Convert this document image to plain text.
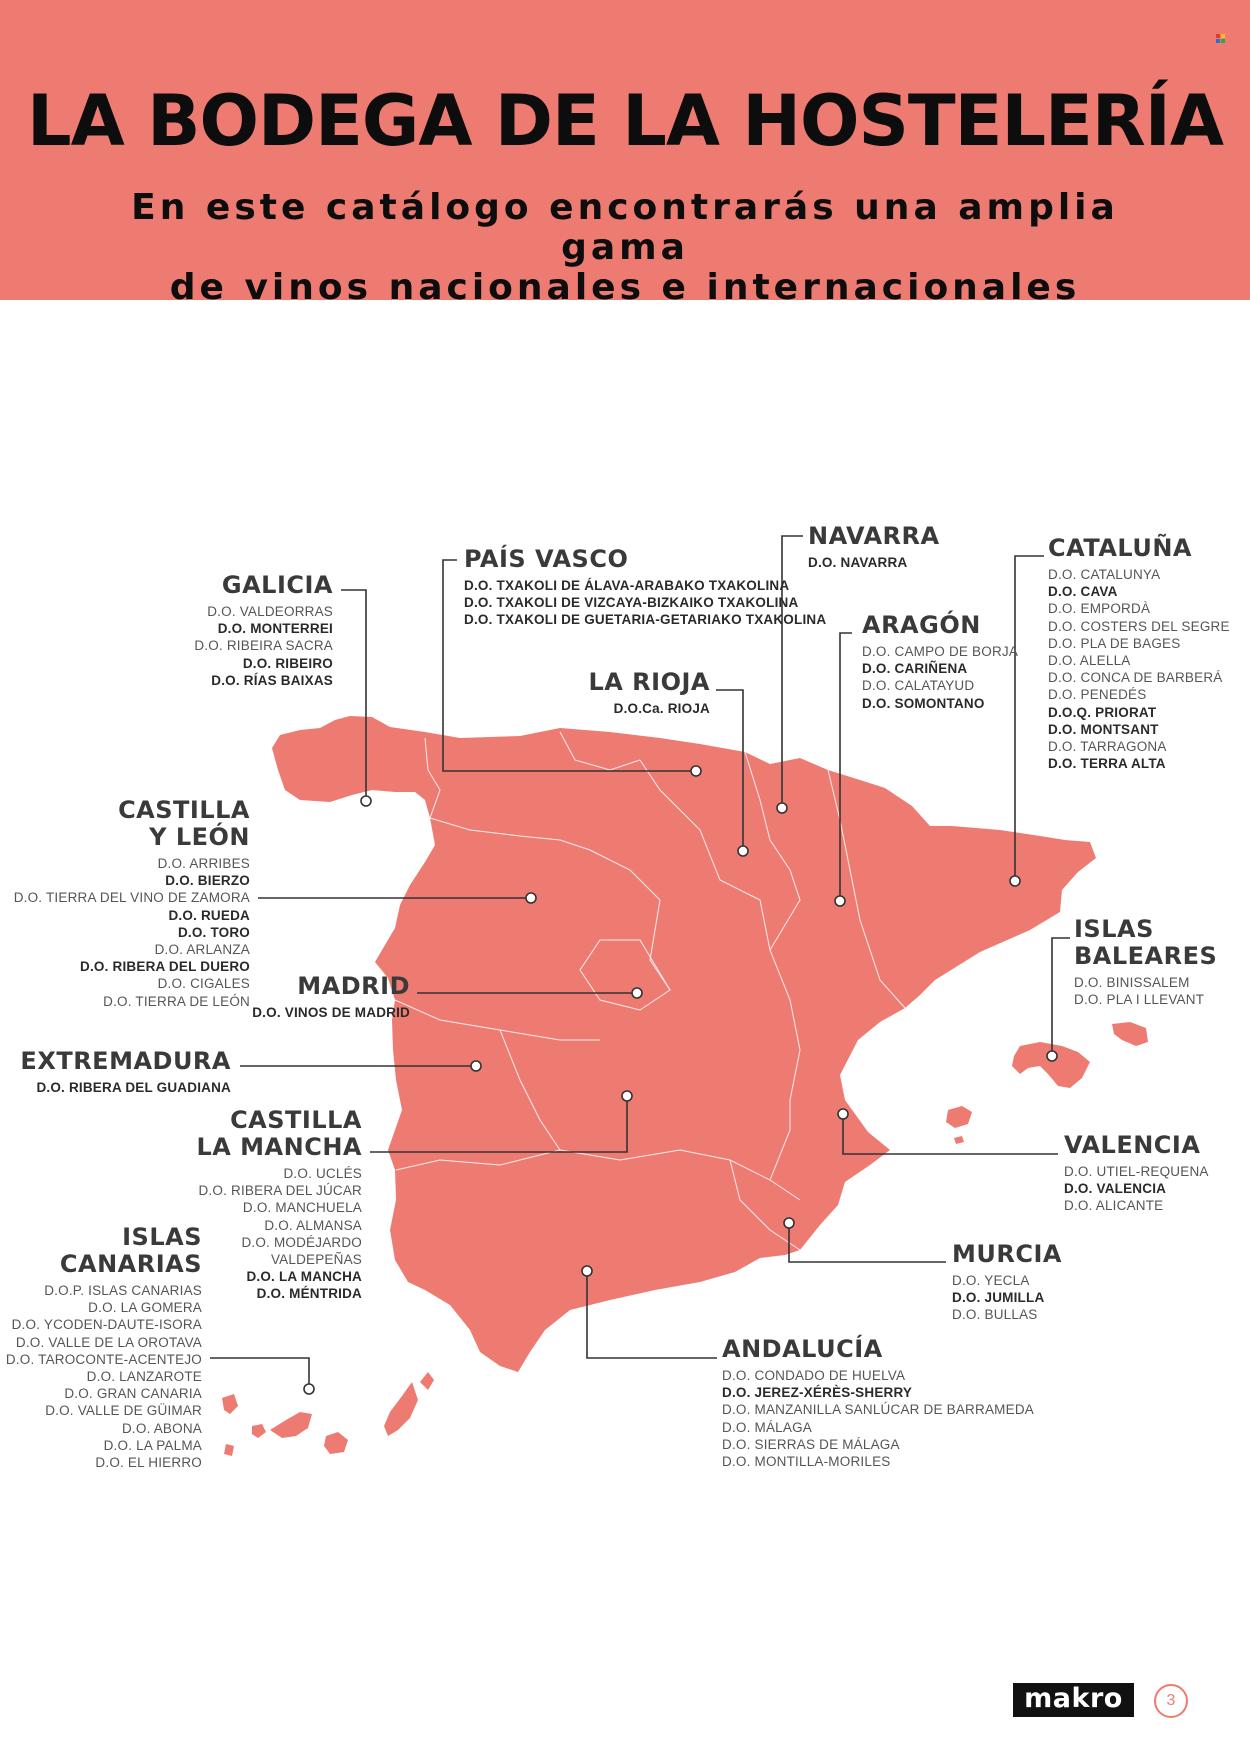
LA BODEGA DE LA HOSTELERÍA
En este catálogo encontrarás una amplia gama
de vinos nacionales e internacionales
GALICIA
D.O. VALDEORRAS
D.O. MONTERREI
D.O. RIBEIRA SACRA
D.O. RIBEIRO
D.O. RÍAS BAIXAS
PAÍS VASCO
D.O. TXAKOLI DE ÁLAVA-ARABAKO TXAKOLINA
D.O. TXAKOLI DE VIZCAYA-BIZKAIKO TXAKOLINA
D.O. TXAKOLI DE GUETARIA-GETARIAKO TXAKOLINA
NAVARRA
D.O. NAVARRA
CATALUÑA
D.O. CATALUNYA
D.O. CAVA
D.O. EMPORDÀ
D.O. COSTERS DEL SEGRE
D.O. PLA DE BAGES
D.O. ALELLA
D.O. CONCA DE BARBERÁ
D.O. PENEDÉS
D.O.Q. PRIORAT
D.O. MONTSANT
D.O. TARRAGONA
D.O. TERRA ALTA
ARAGÓN
D.O. CAMPO DE BORJA
D.O. CARIÑENA
D.O. CALATAYUD
D.O. SOMONTANO
LA RIOJA
D.O.Ca. RIOJA
CASTILLA
Y LEÓN
D.O. ARRIBES
D.O. BIERZO
D.O. TIERRA DEL VINO DE ZAMORA
D.O. RUEDA
D.O. TORO
D.O. ARLANZA
D.O. RIBERA DEL DUERO
D.O. CIGALES
D.O. TIERRA DE LEÓN
MADRID
D.O. VINOS DE MADRID
ISLAS
BALEARES
D.O. BINISSALEM
D.O. PLA I LLEVANT
EXTREMADURA
D.O. RIBERA DEL GUADIANA
CASTILLA
LA MANCHA
D.O. UCLÉS
D.O. RIBERA DEL JÚCAR
D.O. MANCHUELA
D.O. ALMANSA
D.O. MODÉJARDO
VALDEPEÑAS
D.O. LA MANCHA
D.O. MÉNTRIDA
VALENCIA
D.O. UTIEL-REQUENA
D.O. VALENCIA
D.O. ALICANTE
ISLAS
CANARIAS
D.O.P. ISLAS CANARIAS
D.O. LA GOMERA
D.O. YCODEN-DAUTE-ISORA
D.O. VALLE DE LA OROTAVA
D.O. TAROCONTE-ACENTEJO
D.O. LANZAROTE
D.O. GRAN CANARIA
D.O. VALLE DE GÜIMAR
D.O. ABONA
D.O. LA PALMA
D.O. EL HIERRO
MURCIA
D.O. YECLA
D.O. JUMILLA
D.O. BULLAS
ANDALUCÍA
D.O. CONDADO DE HUELVA
D.O. JEREZ-XÉRÈS-SHERRY
D.O. MANZANILLA SANLÚCAR DE BARRAMEDA
D.O. MÁLAGA
D.O. SIERRAS DE MÁLAGA
D.O. MONTILLA-MORILES
makro	3
